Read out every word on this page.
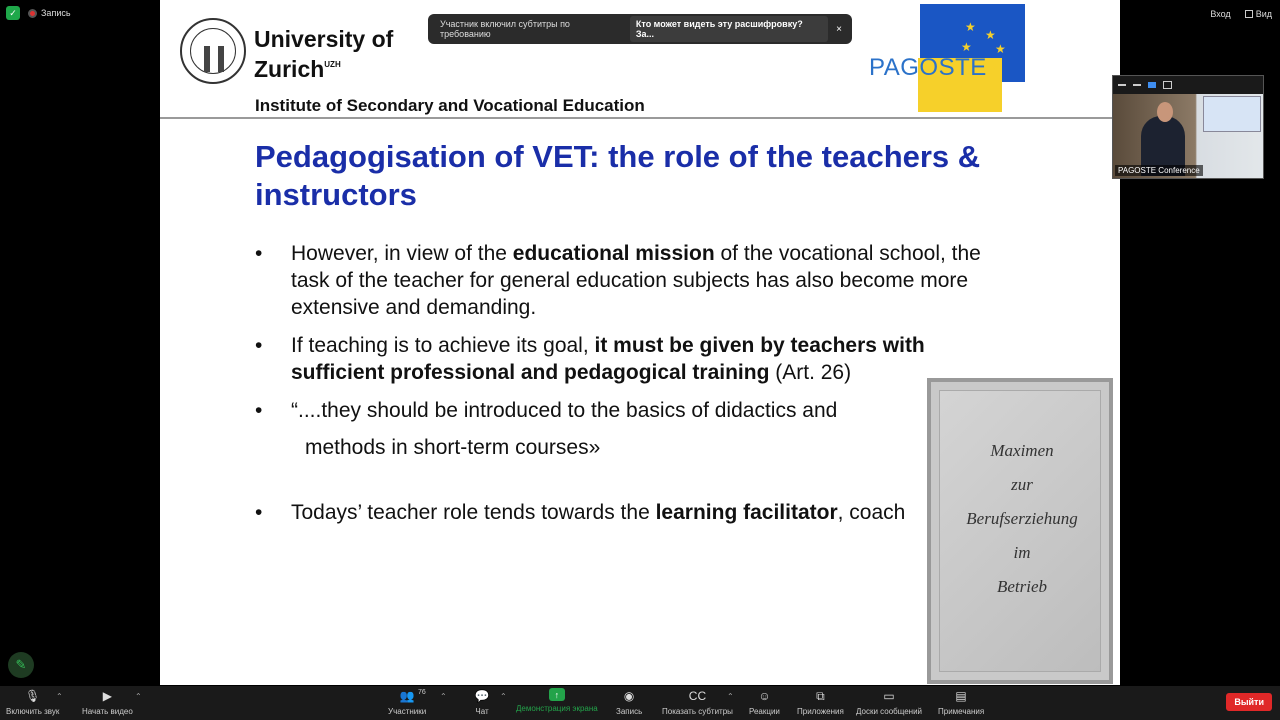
✓	Запись	Вход	Вид
University of
Zurich$^{UZH}$
Institute of Secondary and Vocational Education
★
★
★
★
★
PAGOSTE
Pedagogisation of VET: the role of the teachers & instructors
• However, in view of the educational mission of the vocational school, the task of the teacher for general education subjects has also become more extensive and demanding.
• If teaching is to achieve its goal, it must be given by teachers with sufficient professional and pedagogical training (Art. 26)
• “....they should be introduced to the basics of didactics and
methods in short-term courses»
• Todays’ teacher role tends towards the learning facilitator, coach
Maximen
zur
Berufserziehung
im
Betrieb
Участник включил субтитры по требованию
Кто может видеть эту расшифровку? За...	×
PAGOSTE Conference
✎
🎙
Включить звук
⌃	▶
Начать видео
⌃	👥
Участники
76 ⌃ 💬
Чат
⌃	↑
Демонстрация экрана
◉
Запись
CC
Показать субтитры
⌃ ☺
Реакции
⧉
Приложения
▭
Доски сообщений
▤
Примечания
Выйти
